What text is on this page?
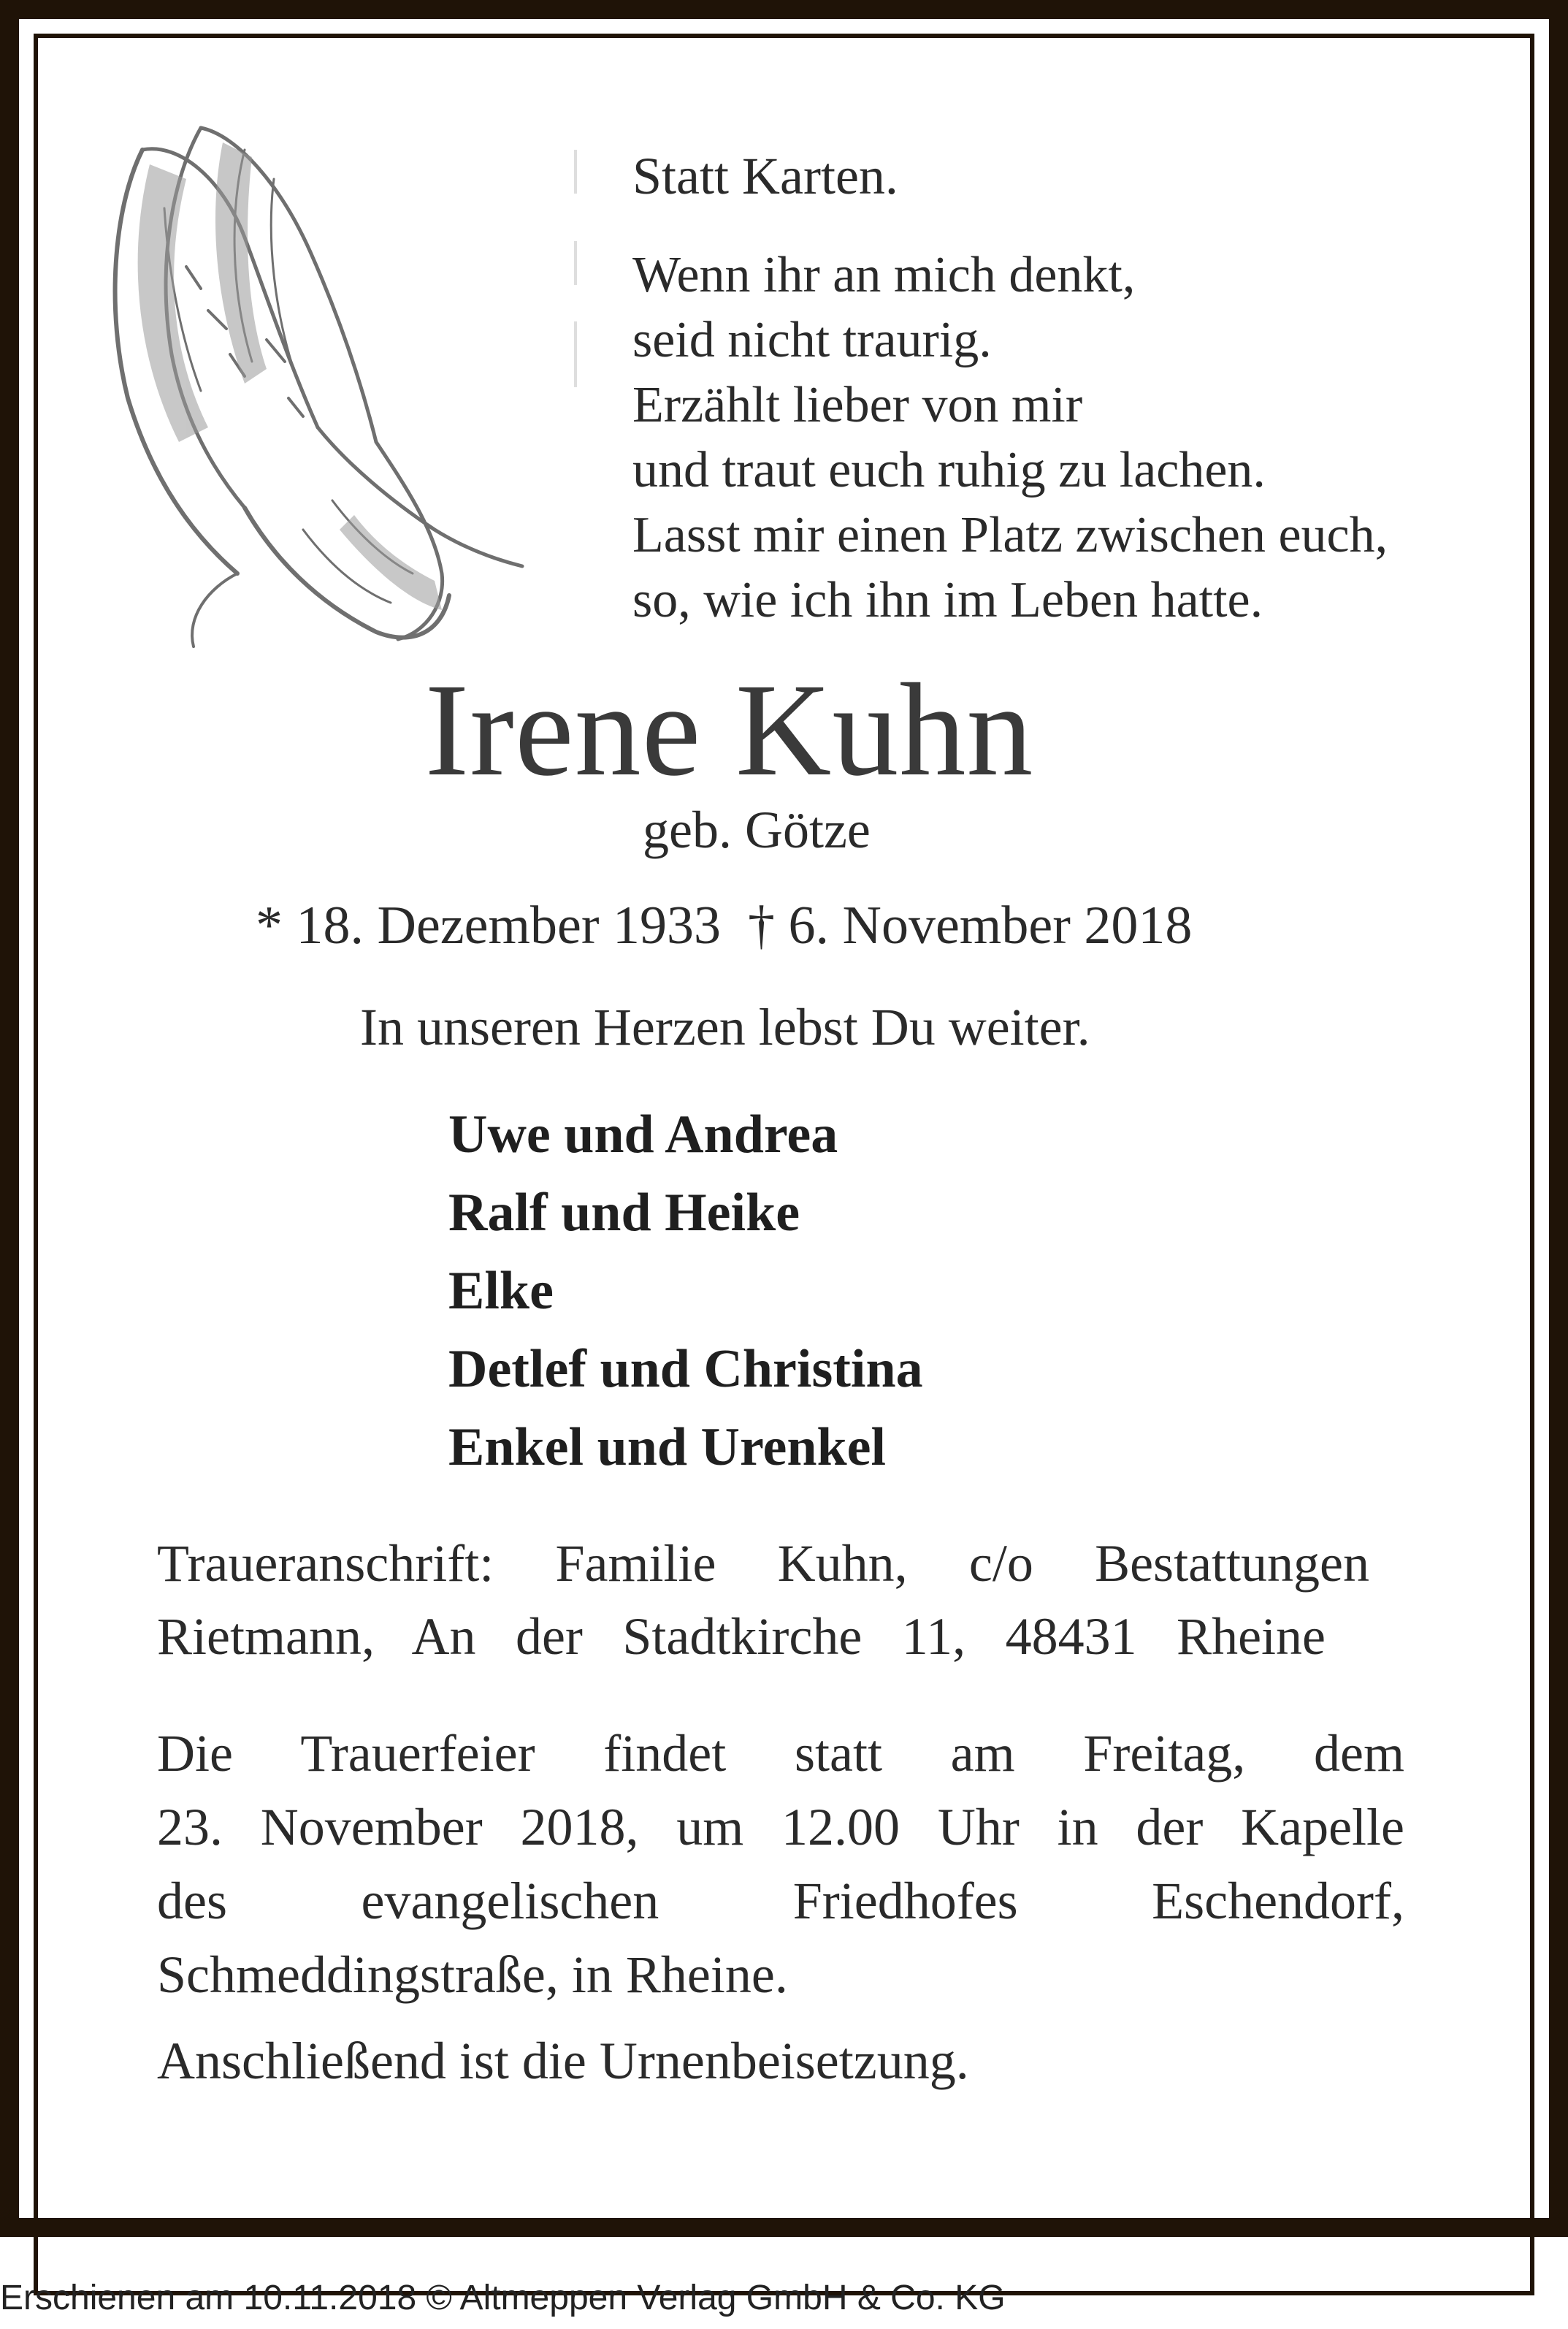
Statt Karten.
Wenn ihr an mich denkt,
seid nicht traurig.
Erzählt lieber von mir
und traut euch ruhig zu lachen.
Lasst mir einen Platz zwischen euch,
so, wie ich ihn im Leben hatte.
Irene Kuhn
geb. Götze
* 18. Dezember 1933  † 6. November 2018
In unseren Herzen lebst Du weiter.
Uwe und Andrea
Ralf und Heike
Elke
Detlef und Christina
Enkel und Urenkel
Traueranschrift: Familie Kuhn, c/o Bestattungen
Rietmann, An der Stadtkirche 11, 48431 Rheine
Die Trauerfeier findet statt am Freitag, dem
23. November 2018, um 12.00 Uhr in der Kapelle
des evangelischen Friedhofes Eschendorf,
Schmeddingstraße, in Rheine.
Anschließend ist die Urnenbeisetzung.
Erschienen am 10.11.2018 © Altmeppen Verlag GmbH & Co. KG
